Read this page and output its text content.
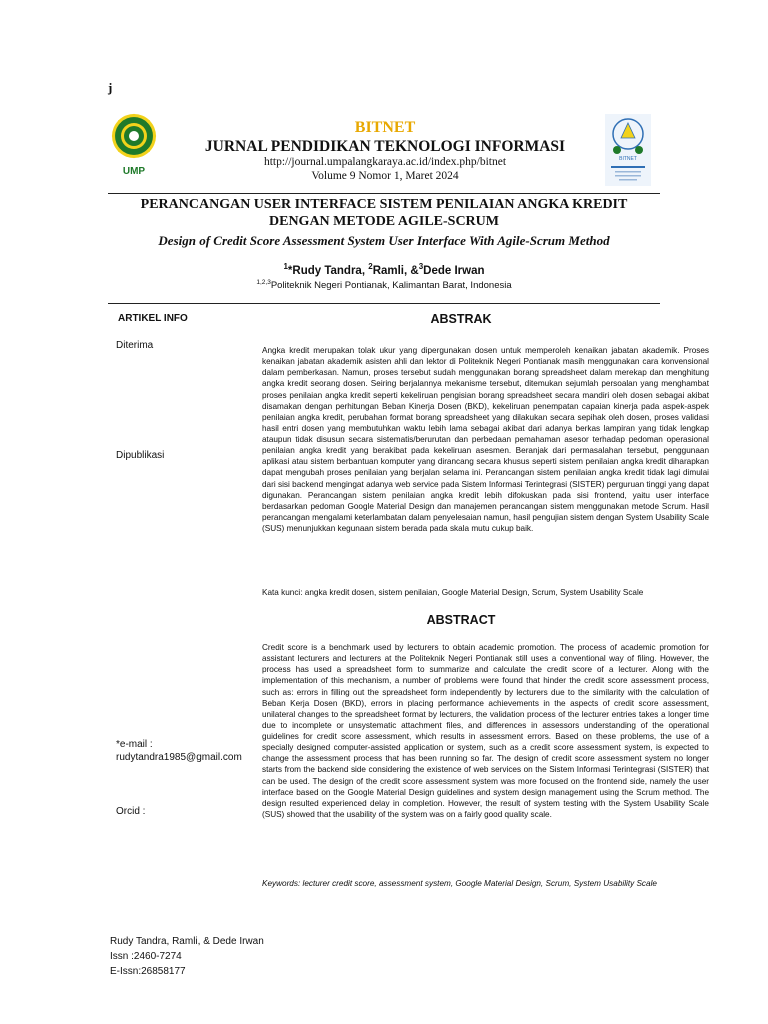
j
UMP
BITNET
JURNAL PENDIDIKAN TEKNOLOGI INFORMASI
http://journal.umpalangkaraya.ac.id/index.php/bitnet
Volume 9 Nomor 1, Maret 2024
BITNET
PERANCANGAN USER INTERFACE SISTEM PENILAIAN ANGKA KREDIT
DENGAN METODE AGILE-SCRUM
Design of Credit Score Assessment System User Interface With Agile-Scrum Method
$^1$*Rudy Tandra, $^2$Ramli, &$^3$Dede Irwan
$^{1,2,3}$Politeknik Negeri Pontianak, Kalimantan Barat, Indonesia
ARTIKEL INFO
Diterima
Dipublikasi
*e-mail :
rudytandra1985@gmail.com
Orcid :
ABSTRAK
Angka kredit merupakan tolak ukur yang dipergunakan dosen untuk memperoleh kenaikan jabatan akademik. Proses kenaikan jabatan akademik asisten ahli dan lektor di Politeknik Negeri Pontianak masih menggunakan cara konvensional dalam pemberkasan. Namun, proses tersebut sudah menggunakan borang spreadsheet dalam merekap dan menghitung angka kredit seorang dosen. Seiring berjalannya mekanisme tersebut, ditemukan sejumlah persoalan yang menghambat proses penilaian angka kredit seperti kekeliruan pengisian borang spreadsheet secara mandiri oleh dosen sebagai akibat disamakan dengan perhitungan Beban Kinerja Dosen (BKD), kekeliruan penempatan capaian kinerja pada aspek-aspek penilaian angka kredit, perubahan format borang spreadsheet yang dilakukan secara sepihak oleh dosen, proses validasi hasil entri dosen yang membutuhkan waktu lebih lama sebagai akibat dari adanya berkas lampiran yang tidak lengkap ataupun tidak disusun secara sistematis/berurutan dan perbedaan pemahaman asesor terhadap pedoman operasional penilaian angka kredit yang berakibat pada kekeliruan asesmen. Beranjak dari permasalahan tersebut, penggunaan aplikasi atau sistem berbantuan komputer yang dirancang secara khusus seperti sistem penilaian angka kredit diharapkan dapat mengubah proses penilaian yang berjalan selama ini. Perancangan sistem penilaian angka kredit tidak lagi dimulai dari sisi backend mengingat adanya web service pada Sistem Informasi Terintegrasi (SISTER) perguruan tinggi yang dapat digunakan. Perancangan sistem penilaian angka kredit lebih difokuskan pada sisi frontend, yaitu user interface berdasarkan pedoman Google Material Design dan manajemen perancangan sistem menggunakan metode Scrum. Hasil perancangan mengalami keterlambatan dalam penyelesaian namun, hasil pengujian sistem dengan System Usability Scale (SUS) menunjukkan kegunaan sistem berada pada skala mutu cukup baik.
Kata kunci: angka kredit dosen, sistem penilaian, Google Material Design, Scrum, System Usability Scale
ABSTRACT
Credit score is a benchmark used by lecturers to obtain academic promotion. The process of academic promotion for assistant lecturers and lecturers at the Politeknik Negeri Pontianak still uses a conventional way of filing. However, the process has used a spreadsheet form to summarize and calculate the credit score of a lecturer. Along with the implementation of this mechanism, a number of problems were found that hinder the credit score assessment process, such as: errors in filling out the spreadsheet form independently by lecturers due to the similarity with the calculation of Beban Kerja Dosen (BKD), errors in placing performance achievements in the aspects of credit score assessment, unilateral changes to the spreadsheet format by lecturers, the validation process of the lecturer entries takes a longer time due to incomplete or unsystematic attachment files, and differences in assessors understanding of the operational guidelines for credit score assessment, which results in assessment errors. Based on these problems, the use of a specially designed computer-assisted application or system, such as a credit score assessment system, is expected to change the assessment process that has been running so far. The design of credit score assessment system no longer starts from the backend side considering the existence of web services on the Sistem Informasi Terintegrasi (SISTER) that can be used. The design of the credit score assessment system was more focused on the frontend side, namely the user interface based on the Google Material Design guidelines and system design management using the Scrum method. The design resulted experienced delay in completion. However, the result of system testing with the System Usability Scale (SUS) showed that the usability of the system was on a fairly good quality scale.
Keywords: lecturer credit score, assessment system, Google Material Design, Scrum, System Usability Scale
Rudy Tandra, Ramli, & Dede Irwan
Issn :2460-7274
E-Issn:26858177
